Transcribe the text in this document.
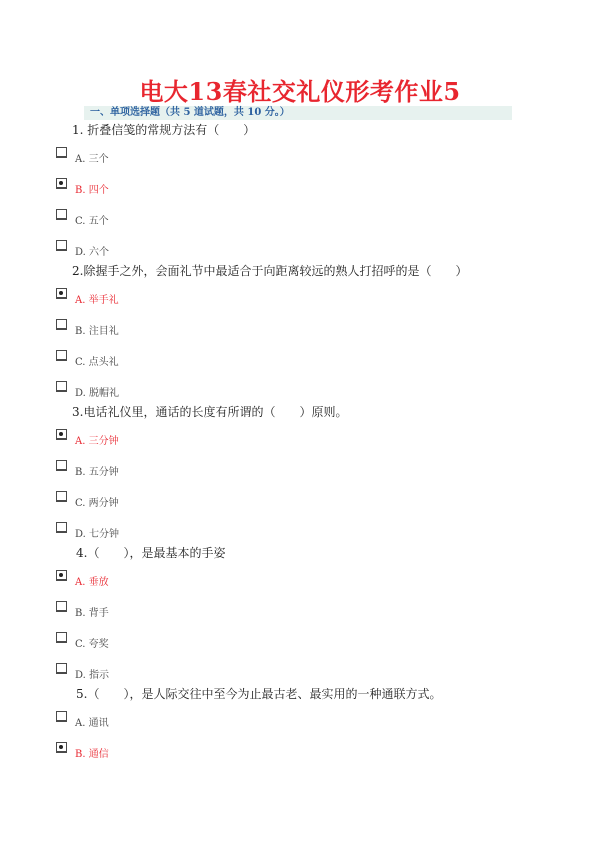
电大13春社交礼仪形考作业5
一、单项选择题（共 5 道试题，共 10 分。）
1. 折叠信笺的常规方法有（　　）
A. 三个
B. 四个
C. 五个
D. 六个
2.除握手之外，会面礼节中最适合于向距离较远的熟人打招呼的是（　　）
A. 举手礼
B. 注目礼
C. 点头礼
D. 脱帽礼
3.电话礼仪里，通话的长度有所谓的（　　）原则。
A. 三分钟
B. 五分钟
C. 两分钟
D. 七分钟
4.（　　），是最基本的手姿
A. 垂放
B. 背手
C. 夸奖
D. 指示
5.（　　），是人际交往中至今为止最古老、最实用的一种通联方式。
A. 通讯
B. 通信
